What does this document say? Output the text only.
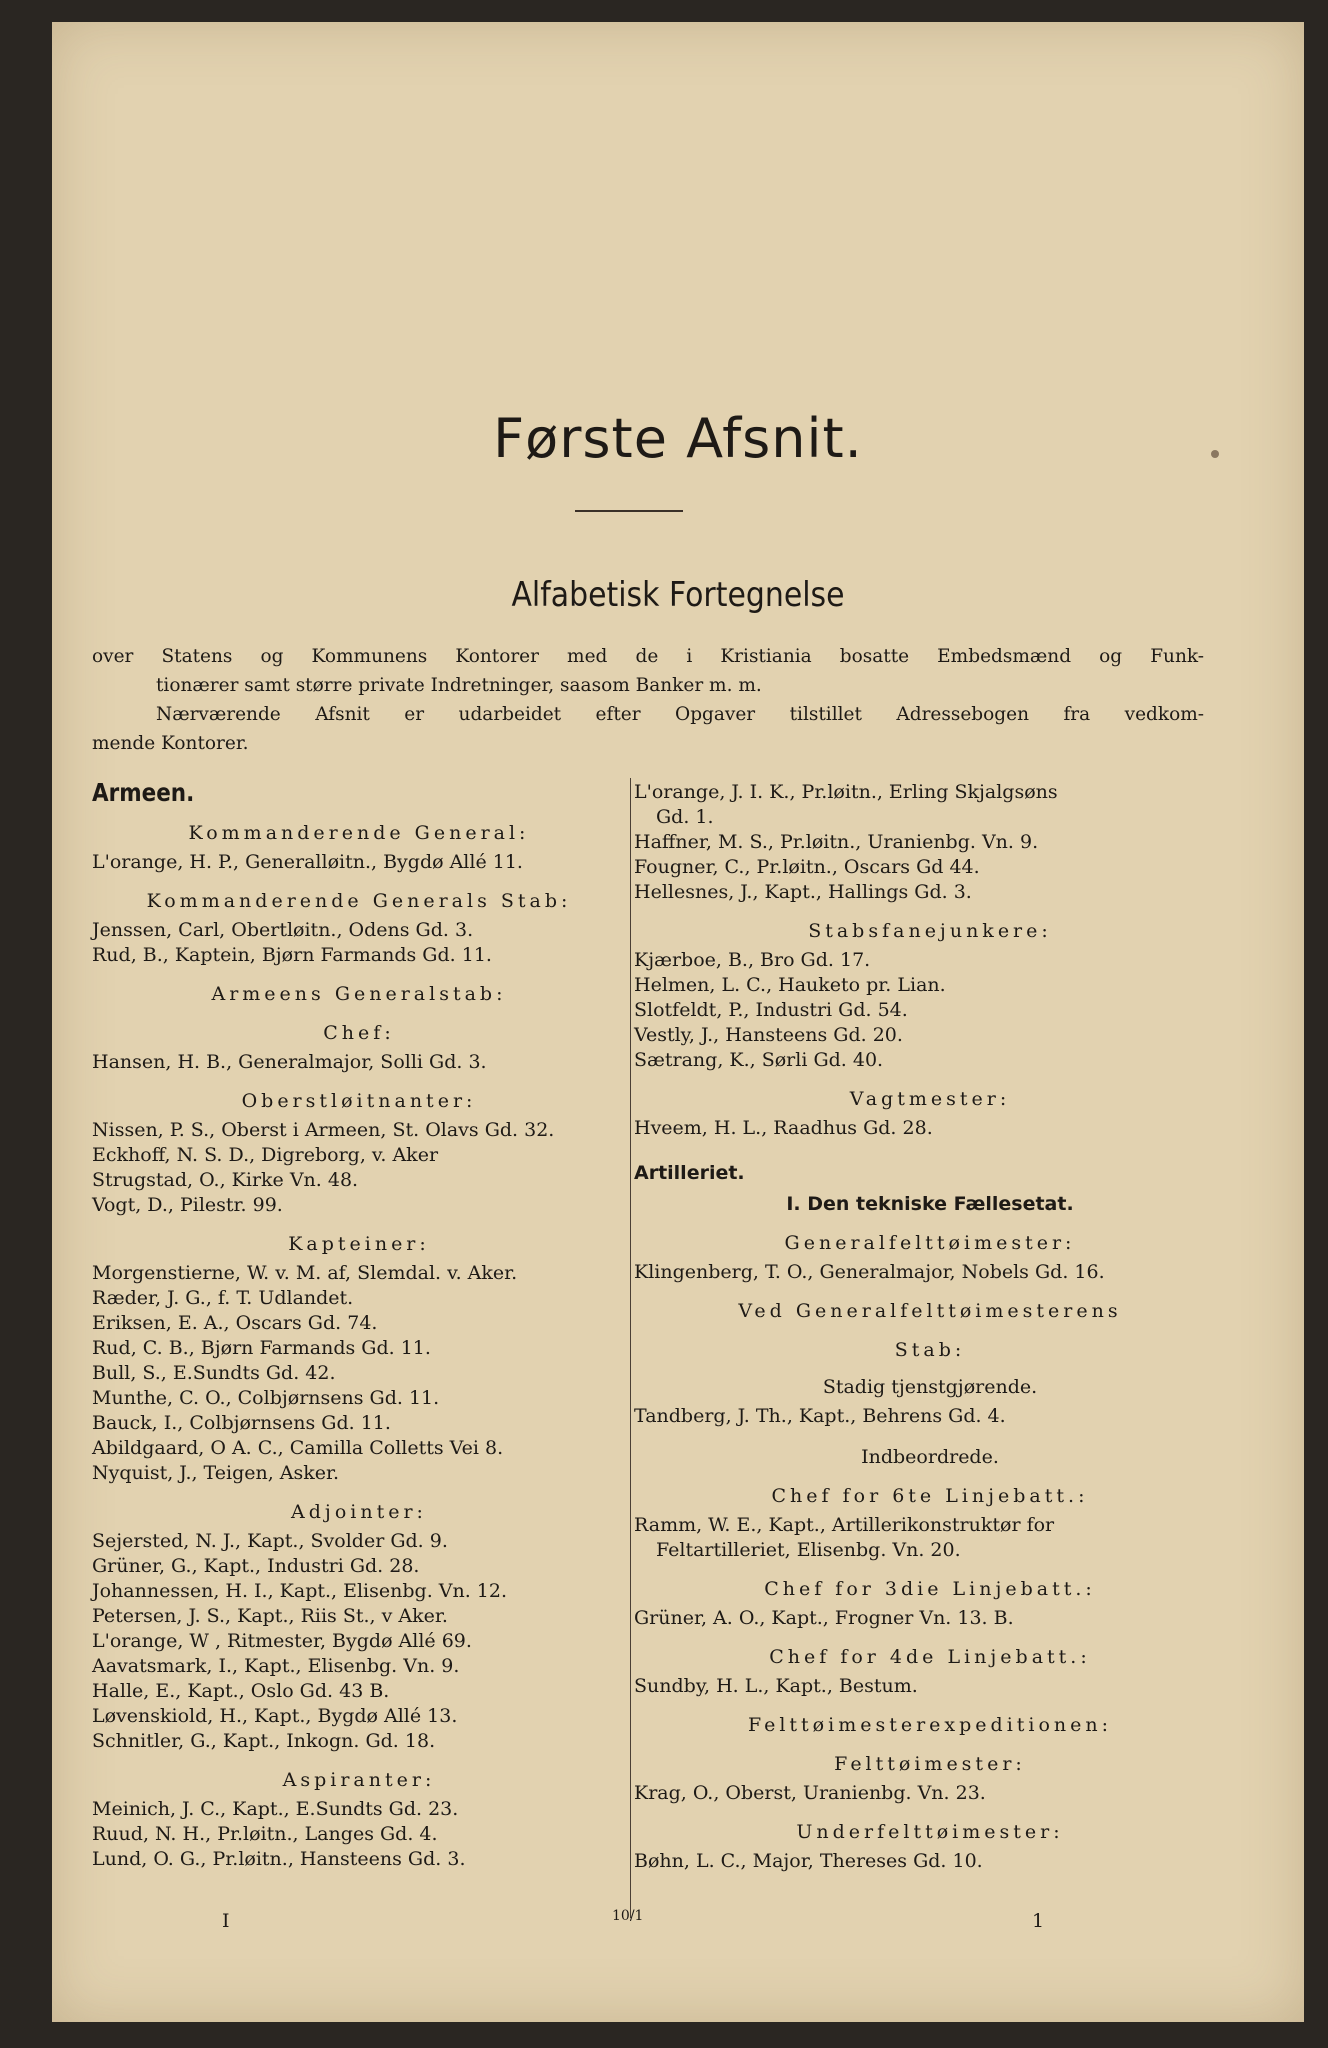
Første Afsnit.
Alfabetisk Fortegnelse

over Statens og Kommunens Kontorer med de i Kristiania bosatte Embedsmænd og Funk-

tionærer samt større private Indretninger, saasom Banker m. m.

Nærværende Afsnit er udarbeidet efter Opgaver tilstillet Adressebogen fra vedkom-

mende Kontorer.

Armeen.
Kommanderende General:
L'orange, H. P., Generalløitn., Bygdø Allé 11.
Kommanderende Generals Stab:
Jenssen, Carl, Obertløitn., Odens Gd. 3.
Rud, B., Kaptein, Bjørn Farmands Gd. 11.
Armeens Generalstab:
Chef:
Hansen, H. B., Generalmajor, Solli Gd. 3.
Oberstløitnanter:
Nissen, P. S., Oberst i Armeen, St. Olavs Gd. 32.
Eckhoff, N. S. D., Digreborg, v. Aker
Strugstad, O., Kirke Vn. 48.
Vogt, D., Pilestr. 99.
Kapteiner:
Morgenstierne, W. v. M. af, Slemdal. v. Aker.
Ræder, J. G., f. T. Udlandet.
Eriksen, E. A., Oscars Gd. 74.
Rud, C. B., Bjørn Farmands Gd. 11.
Bull, S., E.Sundts Gd. 42.
Munthe, C. O., Colbjørnsens Gd. 11.
Bauck, I., Colbjørnsens Gd. 11.
Abildgaard, O A. C., Camilla Colletts Vei 8.
Nyquist, J., Teigen, Asker.
Adjointer:
Sejersted, N. J., Kapt., Svolder Gd. 9.
Grüner, G., Kapt., Industri Gd. 28.
Johannessen, H. I., Kapt., Elisenbg. Vn. 12.
Petersen, J. S., Kapt., Riis St., v Aker.
L'orange, W , Ritmester, Bygdø Allé 69.
Aavatsmark, I., Kapt., Elisenbg. Vn. 9.
Halle, E., Kapt., Oslo Gd. 43 B.
Løvenskiold, H., Kapt., Bygdø Allé 13.
Schnitler, G., Kapt., Inkogn. Gd. 18.
Aspiranter:
Meinich, J. C., Kapt., E.Sundts Gd. 23.
Ruud, N. H., Pr.løitn., Langes Gd. 4.
Lund, O. G., Pr.løitn., Hansteens Gd. 3.
L'orange, J. I. K., Pr.løitn., Erling Skjalgsøns
Gd. 1.
Haffner, M. S., Pr.løitn., Uranienbg. Vn. 9.
Fougner, C., Pr.løitn., Oscars Gd 44.
Hellesnes, J., Kapt., Hallings Gd. 3.
Stabsfanejunkere:
Kjærboe, B., Bro Gd. 17.
Helmen, L. C., Hauketo pr. Lian.
Slotfeldt, P., Industri Gd. 54.
Vestly, J., Hansteens Gd. 20.
Sætrang, K., Sørli Gd. 40.
Vagtmester:
Hveem, H. L., Raadhus Gd. 28.
Artilleriet.
I. Den tekniske Fællesetat.
Generalfelttøimester:
Klingenberg, T. O., Generalmajor, Nobels Gd. 16.
Ved Generalfelttøimesterens
Stab:
Stadig tjenstgjørende.
Tandberg, J. Th., Kapt., Behrens Gd. 4.
Indbeordrede.
Chef for 6te Linjebatt.:
Ramm, W. E., Kapt., Artillerikonstruktør for
Feltartilleriet, Elisenbg. Vn. 20.
Chef for 3die Linjebatt.:
Grüner, A. O., Kapt., Frogner Vn. 13. B.
Chef for 4de Linjebatt.:
Sundby, H. L., Kapt., Bestum.
Felttøimesterexpeditionen:
Felttøimester:
Krag, O., Oberst, Uranienbg. Vn. 23.
Underfelttøimester:
Bøhn, L. C., Major, Thereses Gd. 10.
I	10/1	1
